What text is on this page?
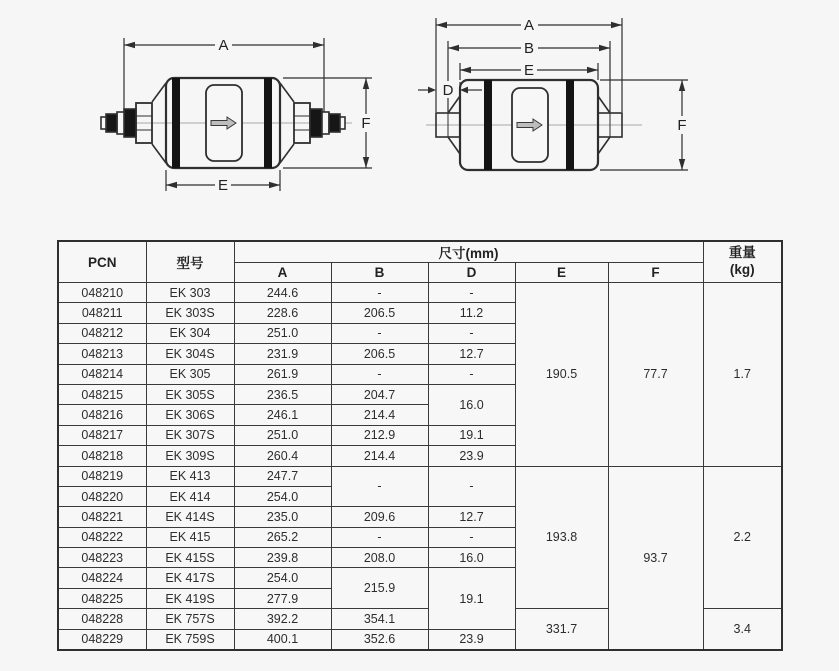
A
E
F
A
B
E
D
F
PCN	型号	尺寸(mm)					重量
(kg)

		A	B	D	E	F	
048210	EK 303	244.6	-	-	190.5	77.7	1.7
048211	EK 303S	228.6	206.5	11.2			
048212	EK 304	251.0	-	-			
048213	EK 304S	231.9	206.5	12.7			
048214	EK 305	261.9	-	-			
048215	EK 305S	236.5	204.7	16.0			
048216	EK 306S	246.1	214.4				
048217	EK 307S	251.0	212.9	19.1			
048218	EK 309S	260.4	214.4	23.9			
048219	EK 413	247.7	-	-	193.8	93.7	2.2
048220	EK 414	254.0					
048221	EK 414S	235.0	209.6	12.7			
048222	EK 415	265.2	-	-			
048223	EK 415S	239.8	208.0	16.0			
048224	EK 417S	254.0	215.9	19.1			
048225	EK 419S	277.9					
048228	EK 757S	392.2	354.1		331.7		3.4
048229	EK 759S	400.1	352.6	23.9			
